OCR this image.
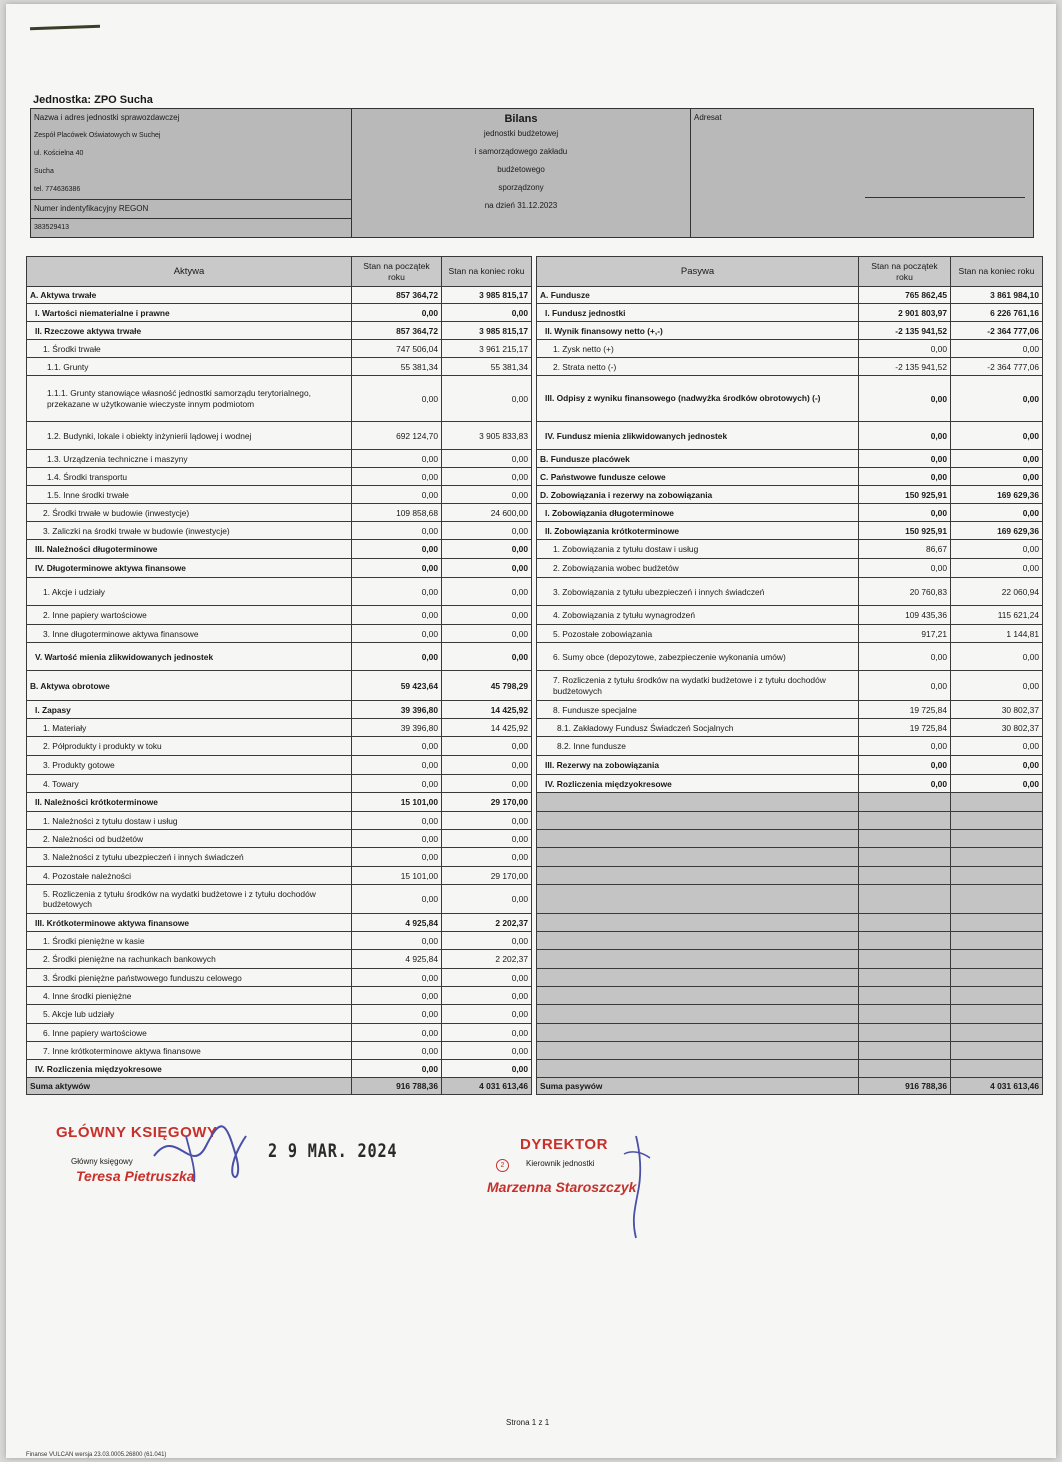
Jednostka: ZPO Sucha
Nazwa i adres jednostki sprawozdawczej
Zespół Placówek Oświatowych w Suchej
ul. Kościelna 40
Sucha
tel. 774636386
Numer indentyfikacyjny REGON
383529413
Bilans
jednostki budżetowej
i samorządowego zakładu
budżetowego
sporządzony
na dzień 31.12.2023
Adresat
Aktywa	Stan na początek roku	Stan na koniec roku
A. Aktywa trwałe	857 364,72	3 985 815,17
I. Wartości niematerialne i prawne	0,00	0,00
II. Rzeczowe aktywa trwałe	857 364,72	3 985 815,17
1. Środki trwałe	747 506,04	3 961 215,17
1.1. Grunty	55 381,34	55 381,34
1.1.1. Grunty stanowiące własność jednostki samorządu terytorialnego, przekazane w użytkowanie wieczyste innym podmiotom	0,00	0,00
1.2. Budynki, lokale i obiekty inżynierii lądowej i wodnej	692 124,70	3 905 833,83
1.3. Urządzenia techniczne i maszyny	0,00	0,00
1.4. Środki transportu	0,00	0,00
1.5. Inne środki trwałe	0,00	0,00
2. Środki trwałe w budowie (inwestycje)	109 858,68	24 600,00
3. Zaliczki na środki trwałe w budowie (inwestycje)	0,00	0,00
III. Należności długoterminowe	0,00	0,00
IV. Długoterminowe aktywa finansowe	0,00	0,00
1. Akcje i udziały	0,00	0,00
2. Inne papiery wartościowe	0,00	0,00
3. Inne długoterminowe aktywa finansowe	0,00	0,00
V. Wartość mienia zlikwidowanych jednostek	0,00	0,00
B. Aktywa obrotowe	59 423,64	45 798,29
I. Zapasy	39 396,80	14 425,92
1. Materiały	39 396,80	14 425,92
2. Półprodukty i produkty w toku	0,00	0,00
3. Produkty gotowe	0,00	0,00
4. Towary	0,00	0,00
II. Należności krótkoterminowe	15 101,00	29 170,00
1. Należności z tytułu dostaw i usług	0,00	0,00
2. Należności od budżetów	0,00	0,00
3. Należności z tytułu ubezpieczeń i innych świadczeń	0,00	0,00
4. Pozostałe należności	15 101,00	29 170,00
5. Rozliczenia z tytułu środków na wydatki budżetowe i z tytułu dochodów budżetowych	0,00	0,00
III. Krótkoterminowe aktywa finansowe	4 925,84	2 202,37
1. Środki pieniężne w kasie	0,00	0,00
2. Środki pieniężne na rachunkach bankowych	4 925,84	2 202,37
3. Środki pieniężne państwowego funduszu celowego	0,00	0,00
4. Inne środki pieniężne	0,00	0,00
5. Akcje lub udziały	0,00	0,00
6. Inne papiery wartościowe	0,00	0,00
7. Inne krótkoterminowe aktywa finansowe	0,00	0,00
IV. Rozliczenia międzyokresowe	0,00	0,00
Suma aktywów	916 788,36	4 031 613,46
Pasywa	Stan na początek roku	Stan na koniec roku
A. Fundusze	765 862,45	3 861 984,10
I. Fundusz jednostki	2 901 803,97	6 226 761,16
II. Wynik finansowy netto (+,-)	-2 135 941,52	-2 364 777,06
1. Zysk netto (+)	0,00	0,00
2. Strata netto (-)	-2 135 941,52	-2 364 777,06
III. Odpisy z wyniku finansowego (nadwyżka środków obrotowych) (-)	0,00	0,00
IV. Fundusz mienia zlikwidowanych jednostek	0,00	0,00
B. Fundusze placówek	0,00	0,00
C. Państwowe fundusze celowe	0,00	0,00
D. Zobowiązania i rezerwy na zobowiązania	150 925,91	169 629,36
I. Zobowiązania długoterminowe	0,00	0,00
II. Zobowiązania krótkoterminowe	150 925,91	169 629,36
1. Zobowiązania z tytułu dostaw i usług	86,67	0,00
2. Zobowiązania wobec budżetów	0,00	0,00
3. Zobowiązania z tytułu ubezpieczeń i innych świadczeń	20 760,83	22 060,94
4. Zobowiązania z tytułu wynagrodzeń	109 435,36	115 621,24
5. Pozostałe zobowiązania	917,21	1 144,81
6. Sumy obce (depozytowe, zabezpieczenie wykonania umów)	0,00	0,00
7. Rozliczenia z tytułu środków na wydatki budżetowe i z tytułu dochodów budżetowych	0,00	0,00
8. Fundusze specjalne	19 725,84	30 802,37
8.1. Zakładowy Fundusz Świadczeń Socjalnych	19 725,84	30 802,37
8.2. Inne fundusze	0,00	0,00
III. Rezerwy na zobowiązania	0,00	0,00
IV. Rozliczenia międzyokresowe	0,00	0,00

Suma pasywów	916 788,36	4 031 613,46
GŁÓWNY KSIĘGOWY
Główny księgowy
Teresa Pietruszka
2 9 MAR. 2024	DYREKTOR
2	Kierownik jednostki
Marzenna Staroszczyk
Strona 1 z 1
Finanse VULCAN wersja 23.03.0005.26800 (61.041)
